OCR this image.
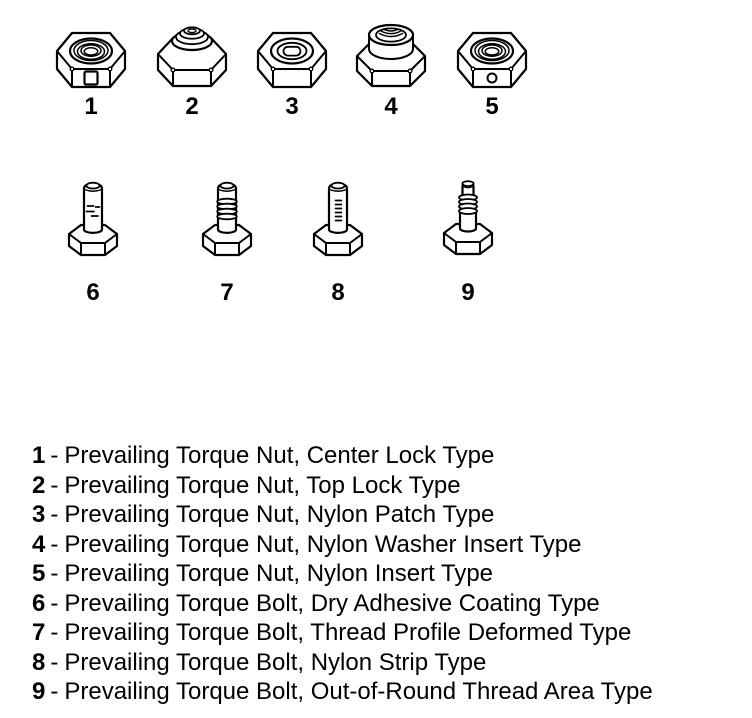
1	2	3	4	5
6	7	8	9
1 - Prevailing Torque Nut, Center Lock Type
2 - Prevailing Torque Nut, Top Lock Type
3 - Prevailing Torque Nut, Nylon Patch Type
4 - Prevailing Torque Nut, Nylon Washer Insert Type
5 - Prevailing Torque Nut, Nylon Insert Type
6 - Prevailing Torque Bolt, Dry Adhesive Coating Type
7 - Prevailing Torque Bolt, Thread Profile Deformed Type
8 - Prevailing Torque Bolt, Nylon Strip Type
9 - Prevailing Torque Bolt, Out-of-Round Thread Area Type
